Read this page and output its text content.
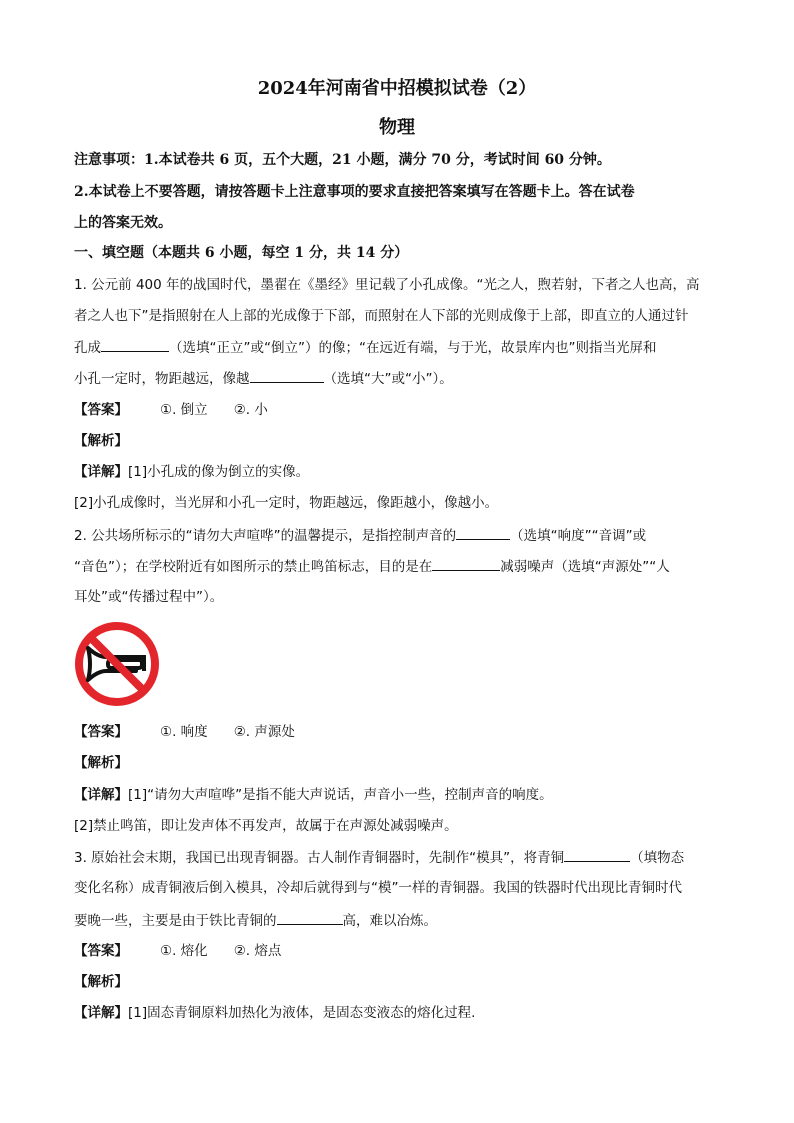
2024年河南省中招模拟试卷（2）
物理
注意事项：1.本试卷共 6 页，五个大题，21 小题，满分 70 分，考试时间 60 分钟。
2.本试卷上不要答题，请按答题卡上注意事项的要求直接把答案填写在答题卡上。答在试卷
上的答案无效。
一、填空题（本题共 6 小题，每空 1 分，共 14 分）
1. 公元前 400 年的战国时代，墨翟在《墨经》里记载了小孔成像。“光之人，煦若射，下者之人也高，高
者之人也下”是指照射在人上部的光成像于下部，而照射在人下部的光则成像于上部，即直立的人通过针
孔成	（选填“正立”或“倒立”）的像；“在远近有端，与于光，故景库内也”则指当光屏和
小孔一定时，物距越远，像越	（选填“大”或“小”）。
【答案】 ①. 倒立 ②. 小
【解析】
【详解】[1]小孔成的像为倒立的实像。
[2]小孔成像时，当光屏和小孔一定时，物距越远，像距越小，像越小。
2. 公共场所标示的“请勿大声喧哗”的温馨提示，是指控制声音的	（选填“响度”“音调”或
“音色”）；在学校附近有如图所示的禁止鸣笛标志，目的是在	减弱噪声（选填“声源处”“人
耳处”或“传播过程中”）。
【答案】 ①. 响度 ②. 声源处
【解析】
【详解】[1]“请勿大声喧哗”是指不能大声说话，声音小一些，控制声音的响度。
[2]禁止鸣笛，即让发声体不再发声，故属于在声源处减弱噪声。
3. 原始社会末期，我国已出现青铜器。古人制作青铜器时，先制作“模具”，将青铜	（填物态
变化名称）成青铜液后倒入模具，冷却后就得到与“模”一样的青铜器。我国的铁器时代出现比青铜时代
要晚一些，主要是由于铁比青铜的	高，难以冶炼。
【答案】 ①. 熔化 ②. 熔点
【解析】
【详解】[1]固态青铜原料加热化为液体，是固态变液态的熔化过程.
